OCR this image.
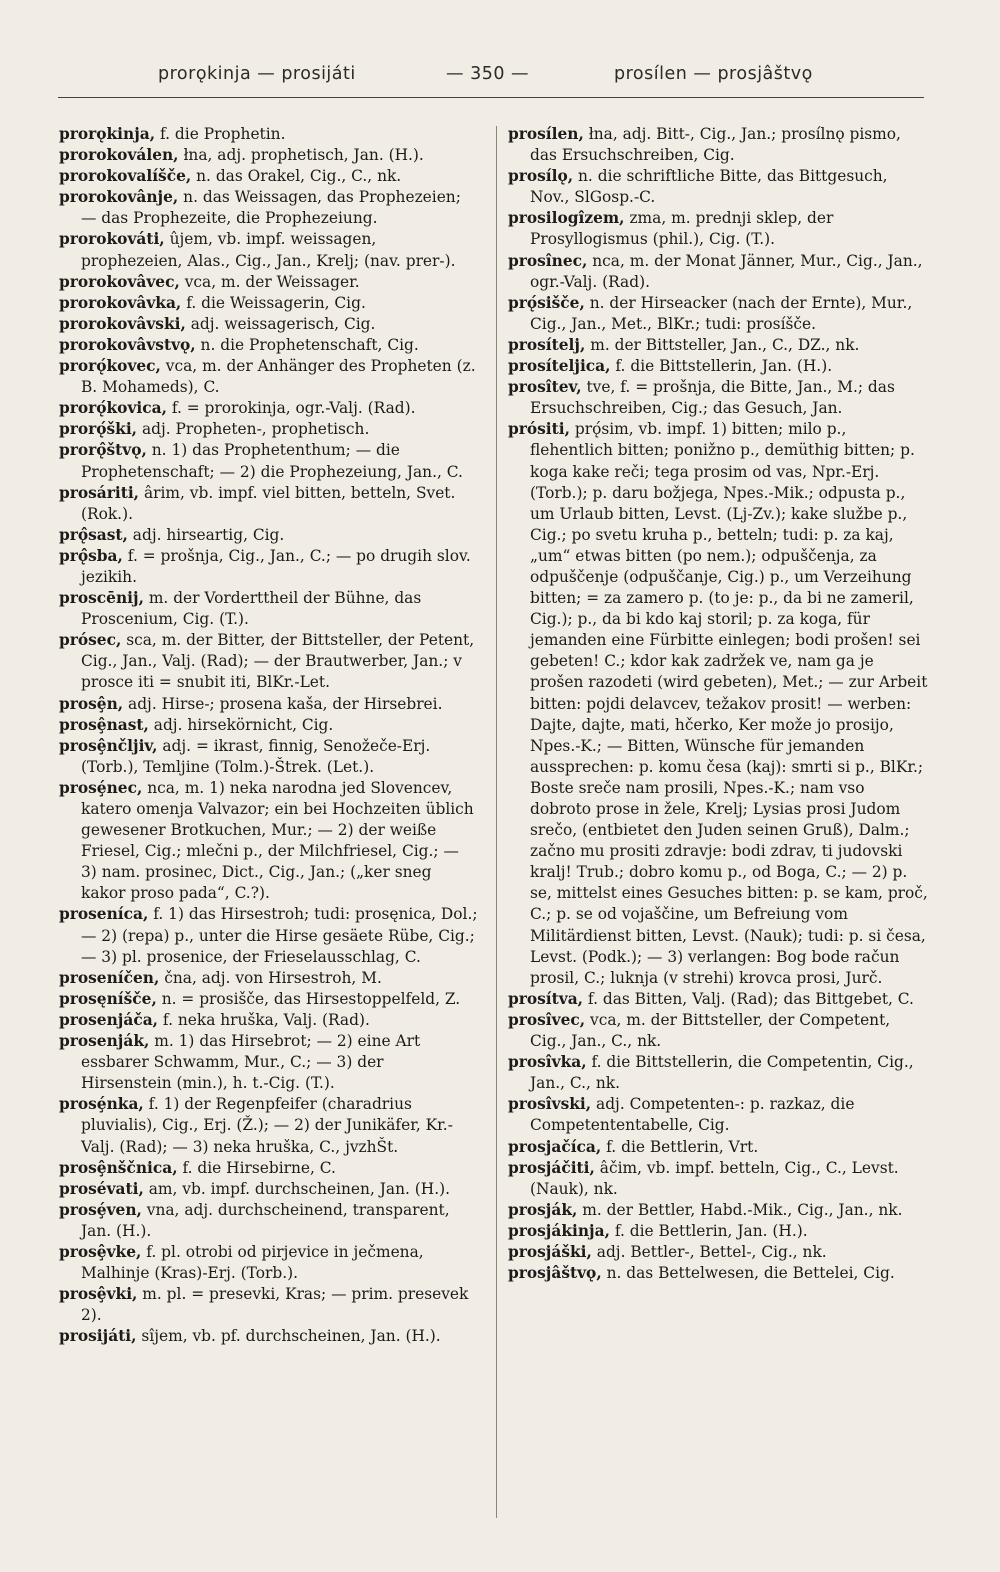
prorǫkinja — prosijáti	— 350 —	prosílen — prosjâštvǫ

prorǫkinja, f. die Prophetin.

prorokoválen, łna, adj. prophetisch, Jan. (H.).

prorokovalíšče, n. das Orakel, Cig., C., nk.

prorokovânje, n. das Weissagen, das Prophezeien; — das Prophezeite, die Prophezeiung.

prorokováti, ûjem, vb. impf. weissagen, prophezeien, Alas., Cig., Jan., Krelj; (nav. prer-).

prorokovâvec, vca, m. der Weissager.

prorokovâvka, f. die Weissagerin, Cig.

prorokovâvski, adj. weissagerisch, Cig.

prorokovâvstvǫ, n. die Prophetenschaft, Cig.

prorǫ́kovec, vca, m. der Anhänger des Propheten (z. B. Mohameds), C.

prorǫ́kovica, f. = prorokinja, ogr.-Valj. (Rad).

prorǫ́ški, adj. Propheten-, prophetisch.

prorǫ̂štvǫ, n. 1) das Prophetenthum; — die Prophetenschaft; — 2) die Prophezeiung, Jan., C.

prosáriti, ârim, vb. impf. viel bitten, betteln, Svet. (Rok.).

prǫ̂sast, adj. hirseartig, Cig.

prǫ̂sba, f. = prošnja, Cig., Jan., C.; — po drugih slov. jezikih.

proscēnij, m. der Vorderttheil der Bühne, das Proscenium, Cig. (T.).

prósec, sca, m. der Bitter, der Bittsteller, der Petent, Cig., Jan., Valj. (Rad); — der Brautwerber, Jan.; v prosce iti = snubit iti, BlKr.-Let.

prosȩ̂n, adj. Hirse-; prosena kaša, der Hirsebrei.

prosȩ̂nast, adj. hirsekörnicht, Cig.

prosȩ̂nčljiv, adj. = ikrast, finnig, Senožeče-Erj. (Torb.), Temljine (Tolm.)-Štrek. (Let.).

prosȩ́nec, nca, m. 1) neka narodna jed Slovencev, katero omenja Valvazor; ein bei Hochzeiten üblich gewesener Brotkuchen, Mur.; — 2) der weiße Friesel, Cig.; mlečni p., der Milchfriesel, Cig.; — 3) nam. prosinec, Dict., Cig., Jan.; („ker sneg kakor proso pada“, C.?).

proseníca, f. 1) das Hirsestroh; tudi: prosęnica, Dol.; — 2) (repa) p., unter die Hirse gesäete Rübe, Cig.; — 3) pl. prosenice, der Frieselausschlag, C.

proseníčen, čna, adj. von Hirsestroh, M.

prosęníšče, n. = prosišče, das Hirsestoppelfeld, Z.

prosenjáča, f. neka hruška, Valj. (Rad).

prosenják, m. 1) das Hirsebrot; — 2) eine Art essbarer Schwamm, Mur., C.; — 3) der Hirsenstein (min.), h. t.-Cig. (T.).

prosȩ́nka, f. 1) der Regenpfeifer (charadrius pluvialis), Cig., Erj. (Ž.); — 2) der Junikäfer, Kr.-Valj. (Rad); — 3) neka hruška, C., jvzhŠt.

prosȩ̂nščnica, f. die Hirsebirne, C.

prosévati, am, vb. impf. durchscheinen, Jan. (H.).

prosȩ́ven, vna, adj. durchscheinend, transparent, Jan. (H.).

prosȩ̂vke, f. pl. otrobi od pirjevice in ječmena, Malhinje (Kras)-Erj. (Torb.).

prosȩ̂vki, m. pl. = presevki, Kras; — prim. presevek 2).

prosijáti, sîjem, vb. pf. durchscheinen, Jan. (H.).

prosílen, łna, adj. Bitt-, Cig., Jan.; prosílnǫ pismo, das Ersuchschreiben, Cig.

prosílǫ, n. die schriftliche Bitte, das Bittgesuch, Nov., SlGosp.-C.

prosilogîzem, zma, m. prednji sklep, der Prosyllogismus (phil.), Cig. (T.).

prosînec, nca, m. der Monat Jänner, Mur., Cig., Jan., ogr.-Valj. (Rad).

prǫ́sišče, n. der Hirseacker (nach der Ernte), Mur., Cig., Jan., Met., BlKr.; tudi: prosíšče.

prosítelj, m. der Bittsteller, Jan., C., DZ., nk.

prosíteljica, f. die Bittstellerin, Jan. (H.).

prosîtev, tve, f. = prošnja, die Bitte, Jan., M.; das Ersuchschreiben, Cig.; das Gesuch, Jan.

prósiti, prǫ́sim, vb. impf. 1) bitten; milo p., flehentlich bitten; ponižno p., demüthig bitten; p. koga kake reči; tega prosim od vas, Npr.-Erj. (Torb.); p. daru božjega, Npes.-Mik.; odpusta p., um Urlaub bitten, Levst. (Lj-Zv.); kake službe p., Cig.; po svetu kruha p., betteln; tudi: p. za kaj, „um“ etwas bitten (po nem.); odpuščenja, za odpuščenje (odpuščanje, Cig.) p., um Verzeihung bitten; = za zamero p. (to je: p., da bi ne zameril, Cig.); p., da bi kdo kaj storil; p. za koga, für jemanden eine Fürbitte einlegen; bodi prošen! sei gebeten! C.; kdor kak zadržek ve, nam ga je prošen razodeti (wird gebeten), Met.; — zur Arbeit bitten: pojdi delavcev, težakov prosit! — werben: Dajte, dajte, mati, hčerko, Ker može jo prosijo, Npes.-K.; — Bitten, Wünsche für jemanden aussprechen: p. komu česa (kaj): smrti si p., BlKr.; Boste sreče nam prosili, Npes.-K.; nam vso dobroto prose in želе, Krelj; Lysias prosi Judom srečo, (entbietet den Juden seinen Gruß), Dalm.; začno mu prositi zdravje: bodi zdrav, ti judovski kralj! Trub.; dobro komu p., od Boga, C.; — 2) p. se, mittelst eines Gesuches bitten: p. se kam, proč, C.; p. se od vojaščine, um Befreiung vom Militärdienst bitten, Levst. (Nauk); tudi: p. si česa, Levst. (Podk.); — 3) verlangen: Bog bode račun prosil, C.; luknja (v strehi) krovca prosi, Jurč.

prosítva, f. das Bitten, Valj. (Rad); das Bittgebet, C.

prosîvec, vca, m. der Bittsteller, der Competent, Cig., Jan., C., nk.

prosîvka, f. die Bittstellerin, die Competentin, Cig., Jan., C., nk.

prosîvski, adj. Competenten-: p. razkaz, die Competententabelle, Cig.

prosjačíca, f. die Bettlerin, Vrt.

prosjáčiti, âčim, vb. impf. betteln, Cig., C., Levst. (Nauk), nk.

prosják, m. der Bettler, Habd.-Mik., Cig., Jan., nk.

prosjákinja, f. die Bettlerin, Jan. (H.).

prosjáški, adj. Bettler-, Bettel-, Cig., nk.

prosjâštvǫ, n. das Bettelwesen, die Bettelei, Cig.
